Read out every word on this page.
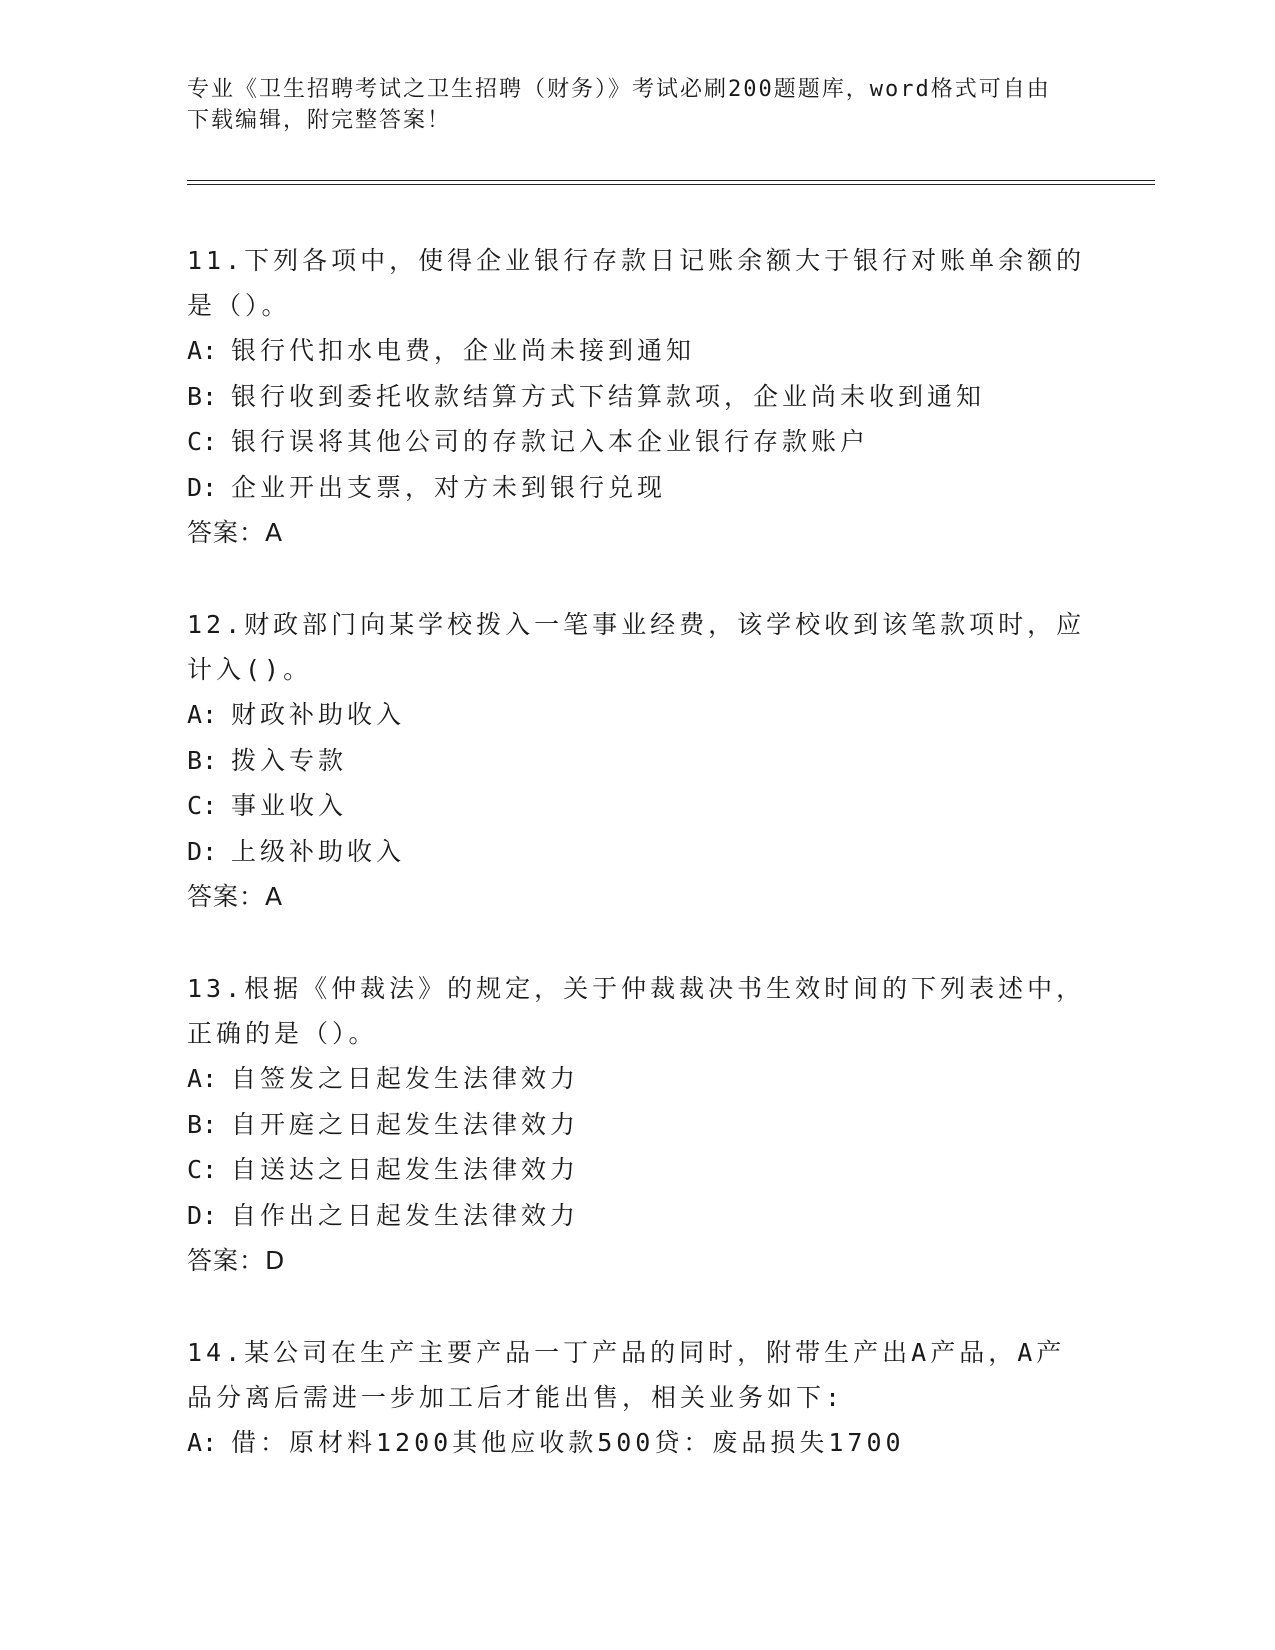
专业《卫生招聘考试之卫生招聘（财务）》考试必刷200题题库，word格式可自由下载编辑，附完整答案！
11.下列各项中，使得企业银行存款日记账余额大于银行对账单余额的是（）。
A: 银行代扣水电费，企业尚未接到通知
B: 银行收到委托收款结算方式下结算款项，企业尚未收到通知
C: 银行误将其他公司的存款记入本企业银行存款账户
D: 企业开出支票，对方未到银行兑现
答案：A
12.财政部门向某学校拨入一笔事业经费，该学校收到该笔款项时，应计入()。
A: 财政补助收入
B: 拨入专款
C: 事业收入
D: 上级补助收入
答案：A
13.根据《仲裁法》的规定，关于仲裁裁决书生效时间的下列表述中，正确的是（）。
A: 自签发之日起发生法律效力
B: 自开庭之日起发生法律效力
C: 自送达之日起发生法律效力
D: 自作出之日起发生法律效力
答案：D
14.某公司在生产主要产品一丁产品的同时，附带生产出A产品，A产品分离后需进一步加工后才能出售，相关业务如下:
A: 借：原材料1200其他应收款500贷：废品损失1700
